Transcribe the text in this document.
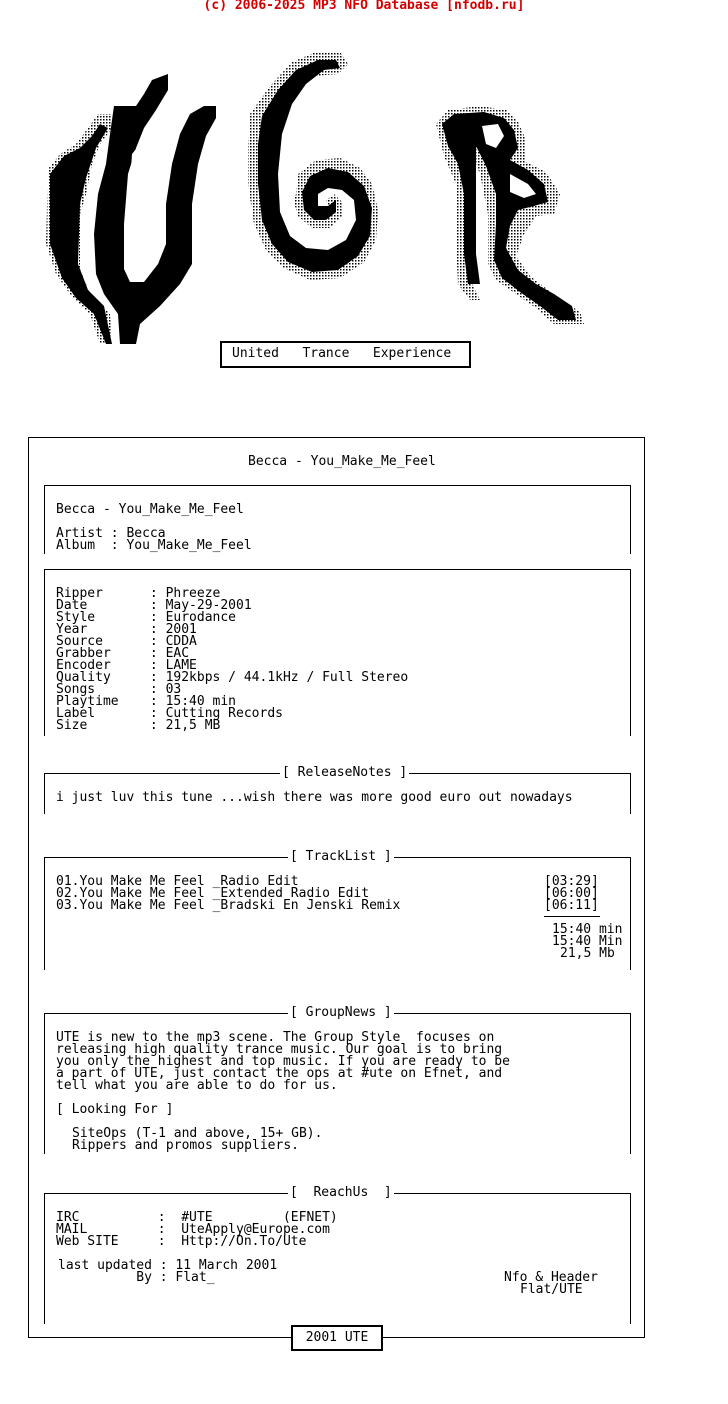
(c) 2006-2025 MP3 NFO Database [nfodb.ru]
United   Trance   Experience
Becca - You_Make_Me_Feel
Becca - You_Make_Me_Feel
Artist : Becca
Album  : You_Make_Me_Feel
Ripper      : Phreeze
Date        : May-29-2001
Style       : Eurodance
Year        : 2001
Source      : CDDA
Grabber     : EAC
Encoder     : LAME
Quality     : 192kbps / 44.1kHz / Full Stereo
Songs       : 03
Playtime    : 15:40 min
Label       : Cutting Records
Size        : 21,5 MB
[ ReleaseNotes ]
i just luv this tune ...wish there was more good euro out nowadays
[ TrackList ]
01.You Make Me Feel _Radio Edit	[03:29]
02.You Make Me Feel _Extended Radio Edit	[06:00]
03.You Make Me Feel _Bradski En Jenski Remix	[06:11]
15:40 min
15:40 Min
21,5 Mb
[ GroupNews ]
UTE is new to the mp3 scene. The Group Style  focuses on
releasing high quality trance music. Our goal is to bring
you only the highest and top music. If you are ready to be
a part of UTE, just contact the ops at #ute on Efnet, and
tell what you are able to do for us.
[ Looking For ]
SiteOps (T-1 and above, 15+ GB).
Rippers and promos suppliers.
[  ReachUs  ]
IRC          :  #UTE         (EFNET)
MAIL         :  UteApply@Europe.com
Web SITE     :  Http://On.To/Ute
last updated : 11 March 2001
By : Flat_	Nfo & Header
Flat/UTE
2001 UTE
